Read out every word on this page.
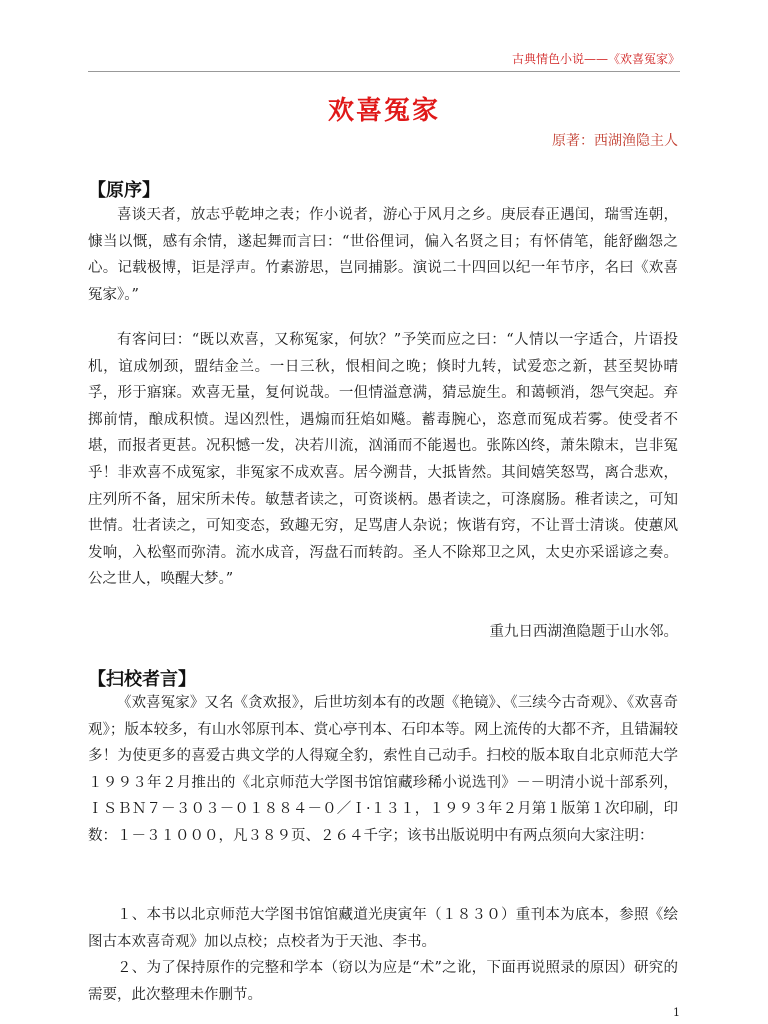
古典情色小说——《欢喜冤家》
欢喜冤家
原著：西湖渔隐主人
【原序】

喜谈天者，放志乎乾坤之表；作小说者，游心于风月之乡。庚辰春正遇闰，瑞雪连朝，慷当以慨，感有余情，遂起舞而言曰：“世俗俚词，偏入名贤之目；有怀倩笔，能舒幽怨之心。记载极博，讵是浮声。竹素游思，岂同捕影。演说二十四回以纪一年节序，名曰《欢喜冤家》。”

有客问曰：“既以欢喜，又称冤家，何欤？”予笑而应之曰：“人情以一字适合，片语投机，谊成刎颈，盟结金兰。一日三秋，恨相间之晚；倏时九转，试爱恋之新，甚至契协晴孚，形于寤寐。欢喜无量，复何说哉。一但情溢意满，猜忌旋生。和蔼顿消，怨气突起。弃掷前情，酿成积愤。逞凶烈性，遇煽而狂焰如飚。蓄毒腕心，恣意而冤成若雾。使受者不堪，而报者更甚。况积憾一发，决若川流，汹涌而不能遏也。张陈凶终，萧朱隙末，岂非冤乎！非欢喜不成冤家，非冤家不成欢喜。居今溯昔，大抵皆然。其间嬉笑怒骂，离合悲欢，庄列所不备，屈宋所未传。敏慧者读之，可资谈柄。愚者读之，可涤腐肠。稚者读之，可知世情。壮者读之，可知变态，致趣无穷，足骂唐人杂说；恢谐有窍，不让晋士清谈。使蕙风发响，入松壑而弥清。流水成音，泻盘石而转韵。圣人不除郑卫之风，太史亦采谣谚之奏。公之世人，唤醒大梦。”

重九日西湖渔隐题于山水邻。
【扫校者言】

《欢喜冤家》又名《贪欢报》，后世坊刻本有的改题《艳镜》、《三续今古奇观》、《欢喜奇观》；版本较多，有山水邻原刊本、赏心亭刊本、石印本等。网上流传的大都不齐，且错漏较多！为使更多的喜爱古典文学的人得窥全豹，索性自己动手。扫校的版本取自北京师范大学１９９３年２月推出的《北京师范大学图书馆馆藏珍稀小说选刊》－－明清小说十部系列，ＩＳＢＮ７－３０３－０１８８４－０／Ｉ·１３１，１９９３年２月第１版第１次印刷，印数：１－３１０００，凡３８９页、２６４千字；该书出版说明中有两点须向大家注明：

１、本书以北京师范大学图书馆馆藏道光庚寅年（１８３０）重刊本为底本，参照《绘图古本欢喜奇观》加以点校；点校者为于天池、李书。

２、为了保持原作的完整和学本（窃以为应是“术”之讹，下面再说照录的原因）研究的需要，此次整理未作删节。

1
